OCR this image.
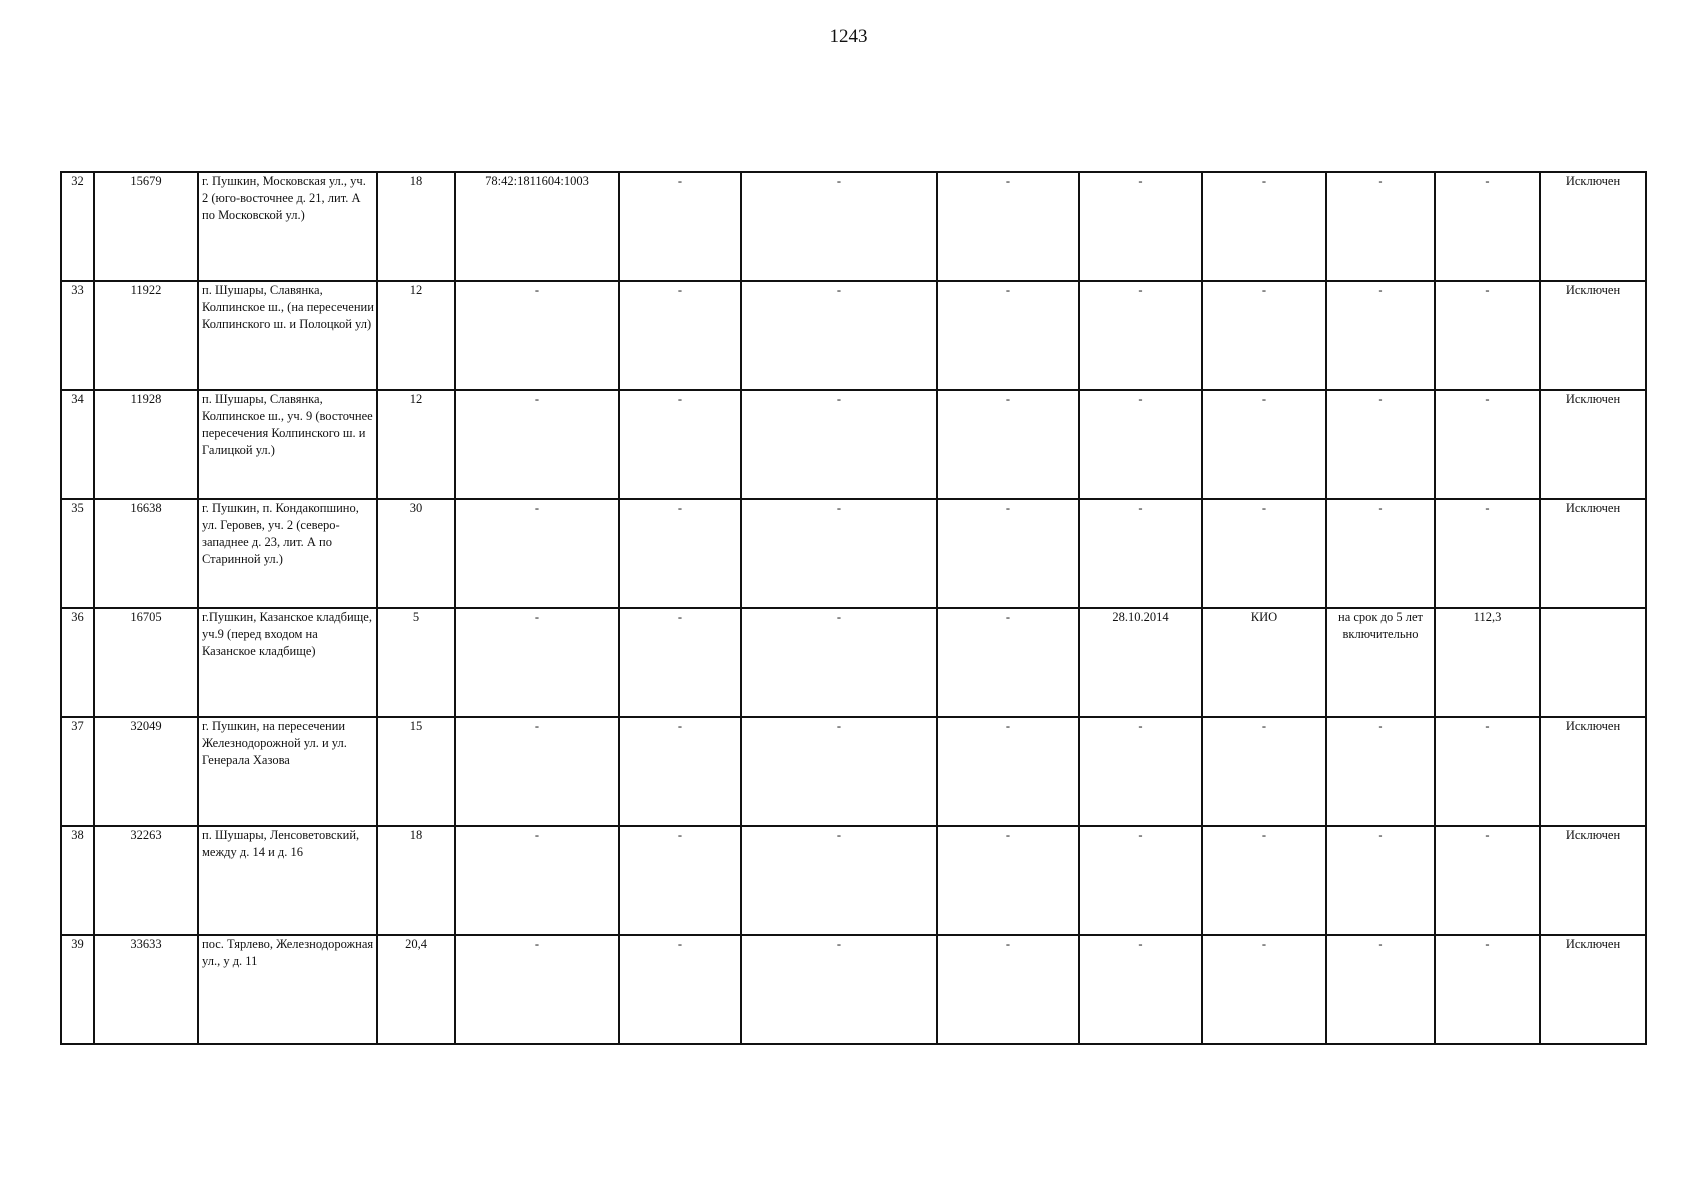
1243
32	15679	г. Пушкин, Московская ул., уч. 2 (юго-восточнее д. 21, лит. А по Московской ул.)	18	78:42:1811604:1003	-	-	-	-	-	-	-	Исключен
33	11922	п. Шушары, Славянка, Колпинское ш., (на пересечении Колпинского ш. и Полоцкой ул)	12	-	-	-	-	-	-	-	-	Исключен
34	11928	п. Шушары, Славянка, Колпинское ш., уч. 9 (восточнее пересечения Колпинского ш. и Галицкой ул.)	12	-	-	-	-	-	-	-	-	Исключен
35	16638	г. Пушкин, п. Кондакопшино, ул. Геровев, уч. 2 (северо-западнее д. 23, лит. А по Старинной ул.)	30	-	-	-	-	-	-	-	-	Исключен
36	16705	г.Пушкин, Казанское кладбище, уч.9 (перед входом на Казанское кладбище)	5	-	-	-	-	28.10.2014	КИО	на срок до 5 лет включительно	112,3	
37	32049	г. Пушкин, на пересечении Железнодорожной ул. и ул. Генерала Хазова	15	-	-	-	-	-	-	-	-	Исключен
38	32263	п. Шушары, Ленсоветовский, между д. 14 и д. 16	18	-	-	-	-	-	-	-	-	Исключен
39	33633	пос. Тярлево, Железнодорожная ул., у д. 11	20,4	-	-	-	-	-	-	-	-	Исключен
